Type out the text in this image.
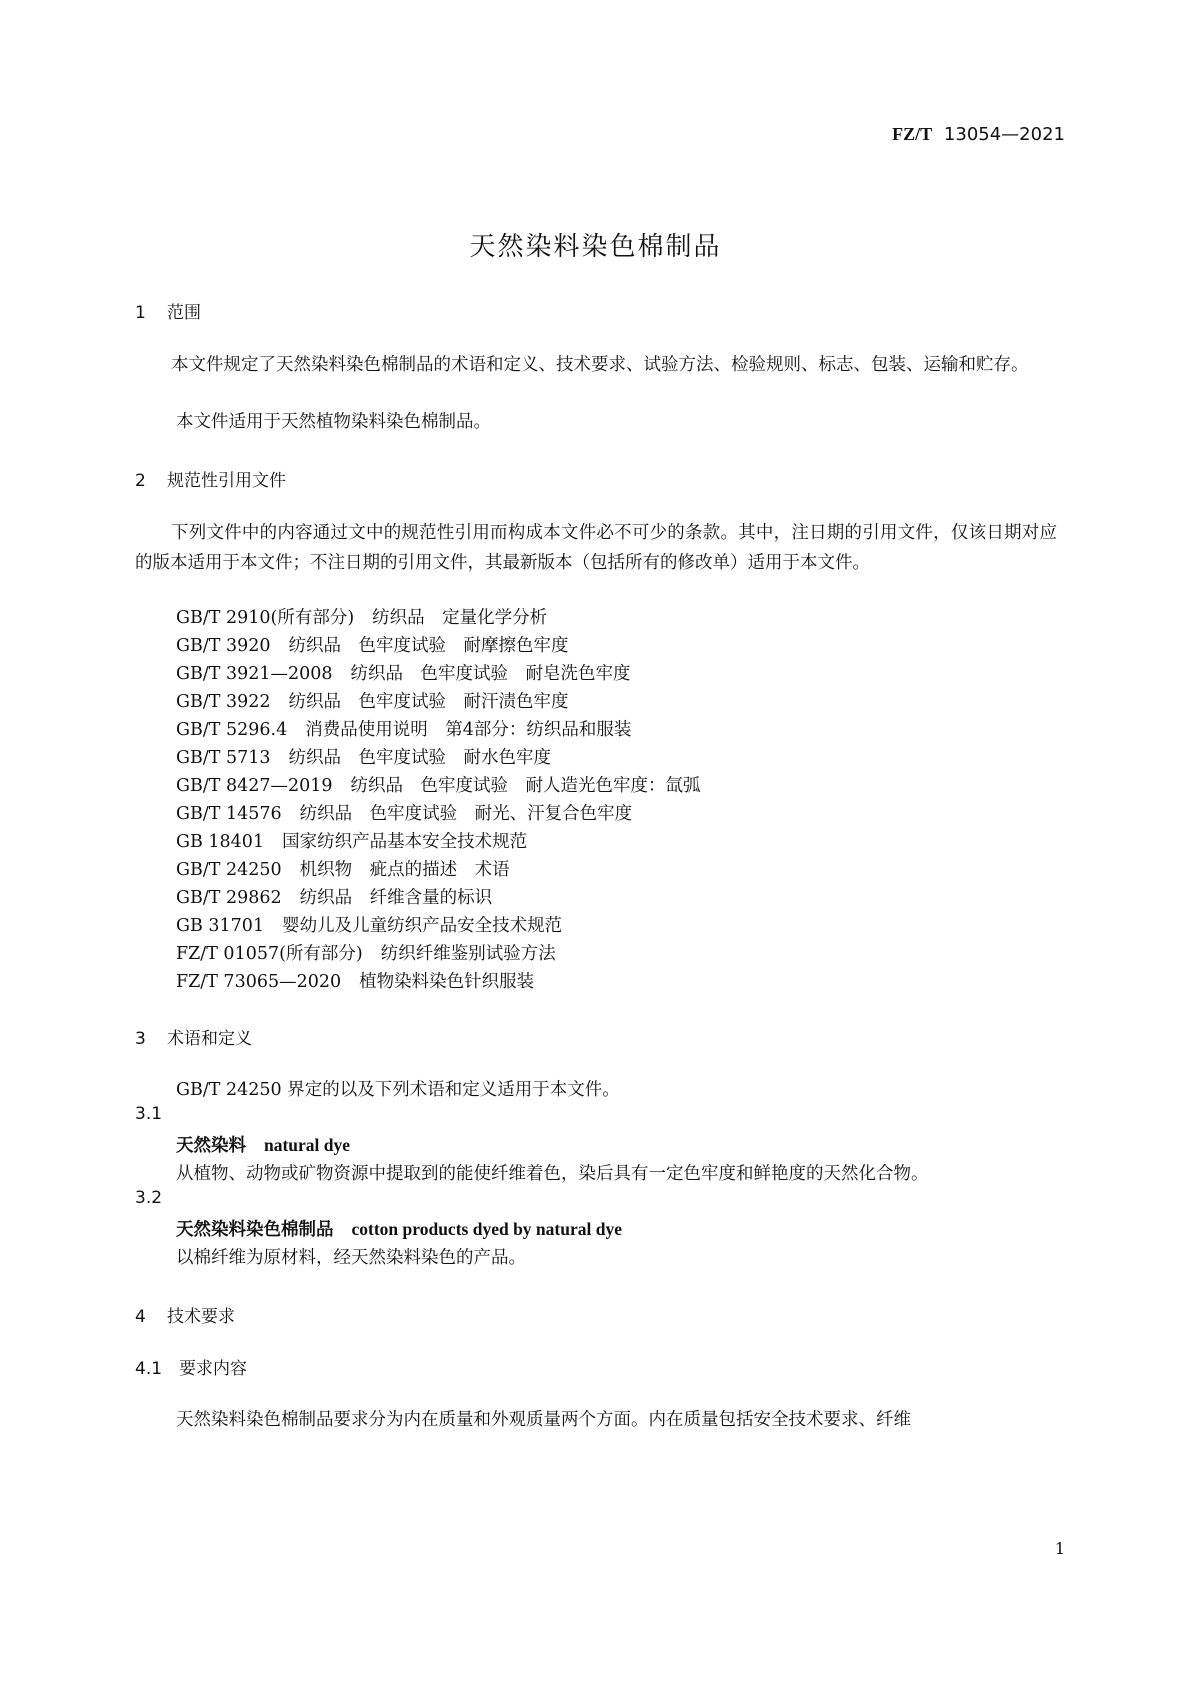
FZ/T 13054—2021
天然染料染色棉制品
1 范围
本文件规定了天然染料染色棉制品的术语和定义、技术要求、试验方法、检验规则、标志、包装、运输和贮存。
本文件适用于天然植物染料染色棉制品。
2 规范性引用文件
下列文件中的内容通过文中的规范性引用而构成本文件必不可少的条款。其中，注日期的引用文件，仅该日期对应的版本适用于本文件；不注日期的引用文件，其最新版本（包括所有的修改单）适用于本文件。
GB/T 2910(所有部分) 纺织品　定量化学分析
GB/T 3920 纺织品　色牢度试验　耐摩擦色牢度
GB/T 3921—2008 纺织品　色牢度试验　耐皂洗色牢度
GB/T 3922 纺织品　色牢度试验　耐汗渍色牢度
GB/T 5296.4 消费品使用说明　第4部分：纺织品和服装
GB/T 5713 纺织品　色牢度试验　耐水色牢度
GB/T 8427—2019 纺织品　色牢度试验　耐人造光色牢度：氙弧
GB/T 14576 纺织品　色牢度试验　耐光、汗复合色牢度
GB 18401 国家纺织产品基本安全技术规范
GB/T 24250 机织物　疵点的描述　术语
GB/T 29862 纺织品　纤维含量的标识
GB 31701 婴幼儿及儿童纺织产品安全技术规范
FZ/T 01057(所有部分) 纺织纤维鉴别试验方法
FZ/T 73065—2020 植物染料染色针织服装
3 术语和定义
GB/T 24250 界定的以及下列术语和定义适用于本文件。
3.1
天然染料 natural dye
从植物、动物或矿物资源中提取到的能使纤维着色，染后具有一定色牢度和鲜艳度的天然化合物。
3.2
天然染料染色棉制品 cotton products dyed by natural dye
以棉纤维为原材料，经天然染料染色的产品。
4 技术要求
4.1 要求内容
天然染料染色棉制品要求分为内在质量和外观质量两个方面。内在质量包括安全技术要求、纤维
1
